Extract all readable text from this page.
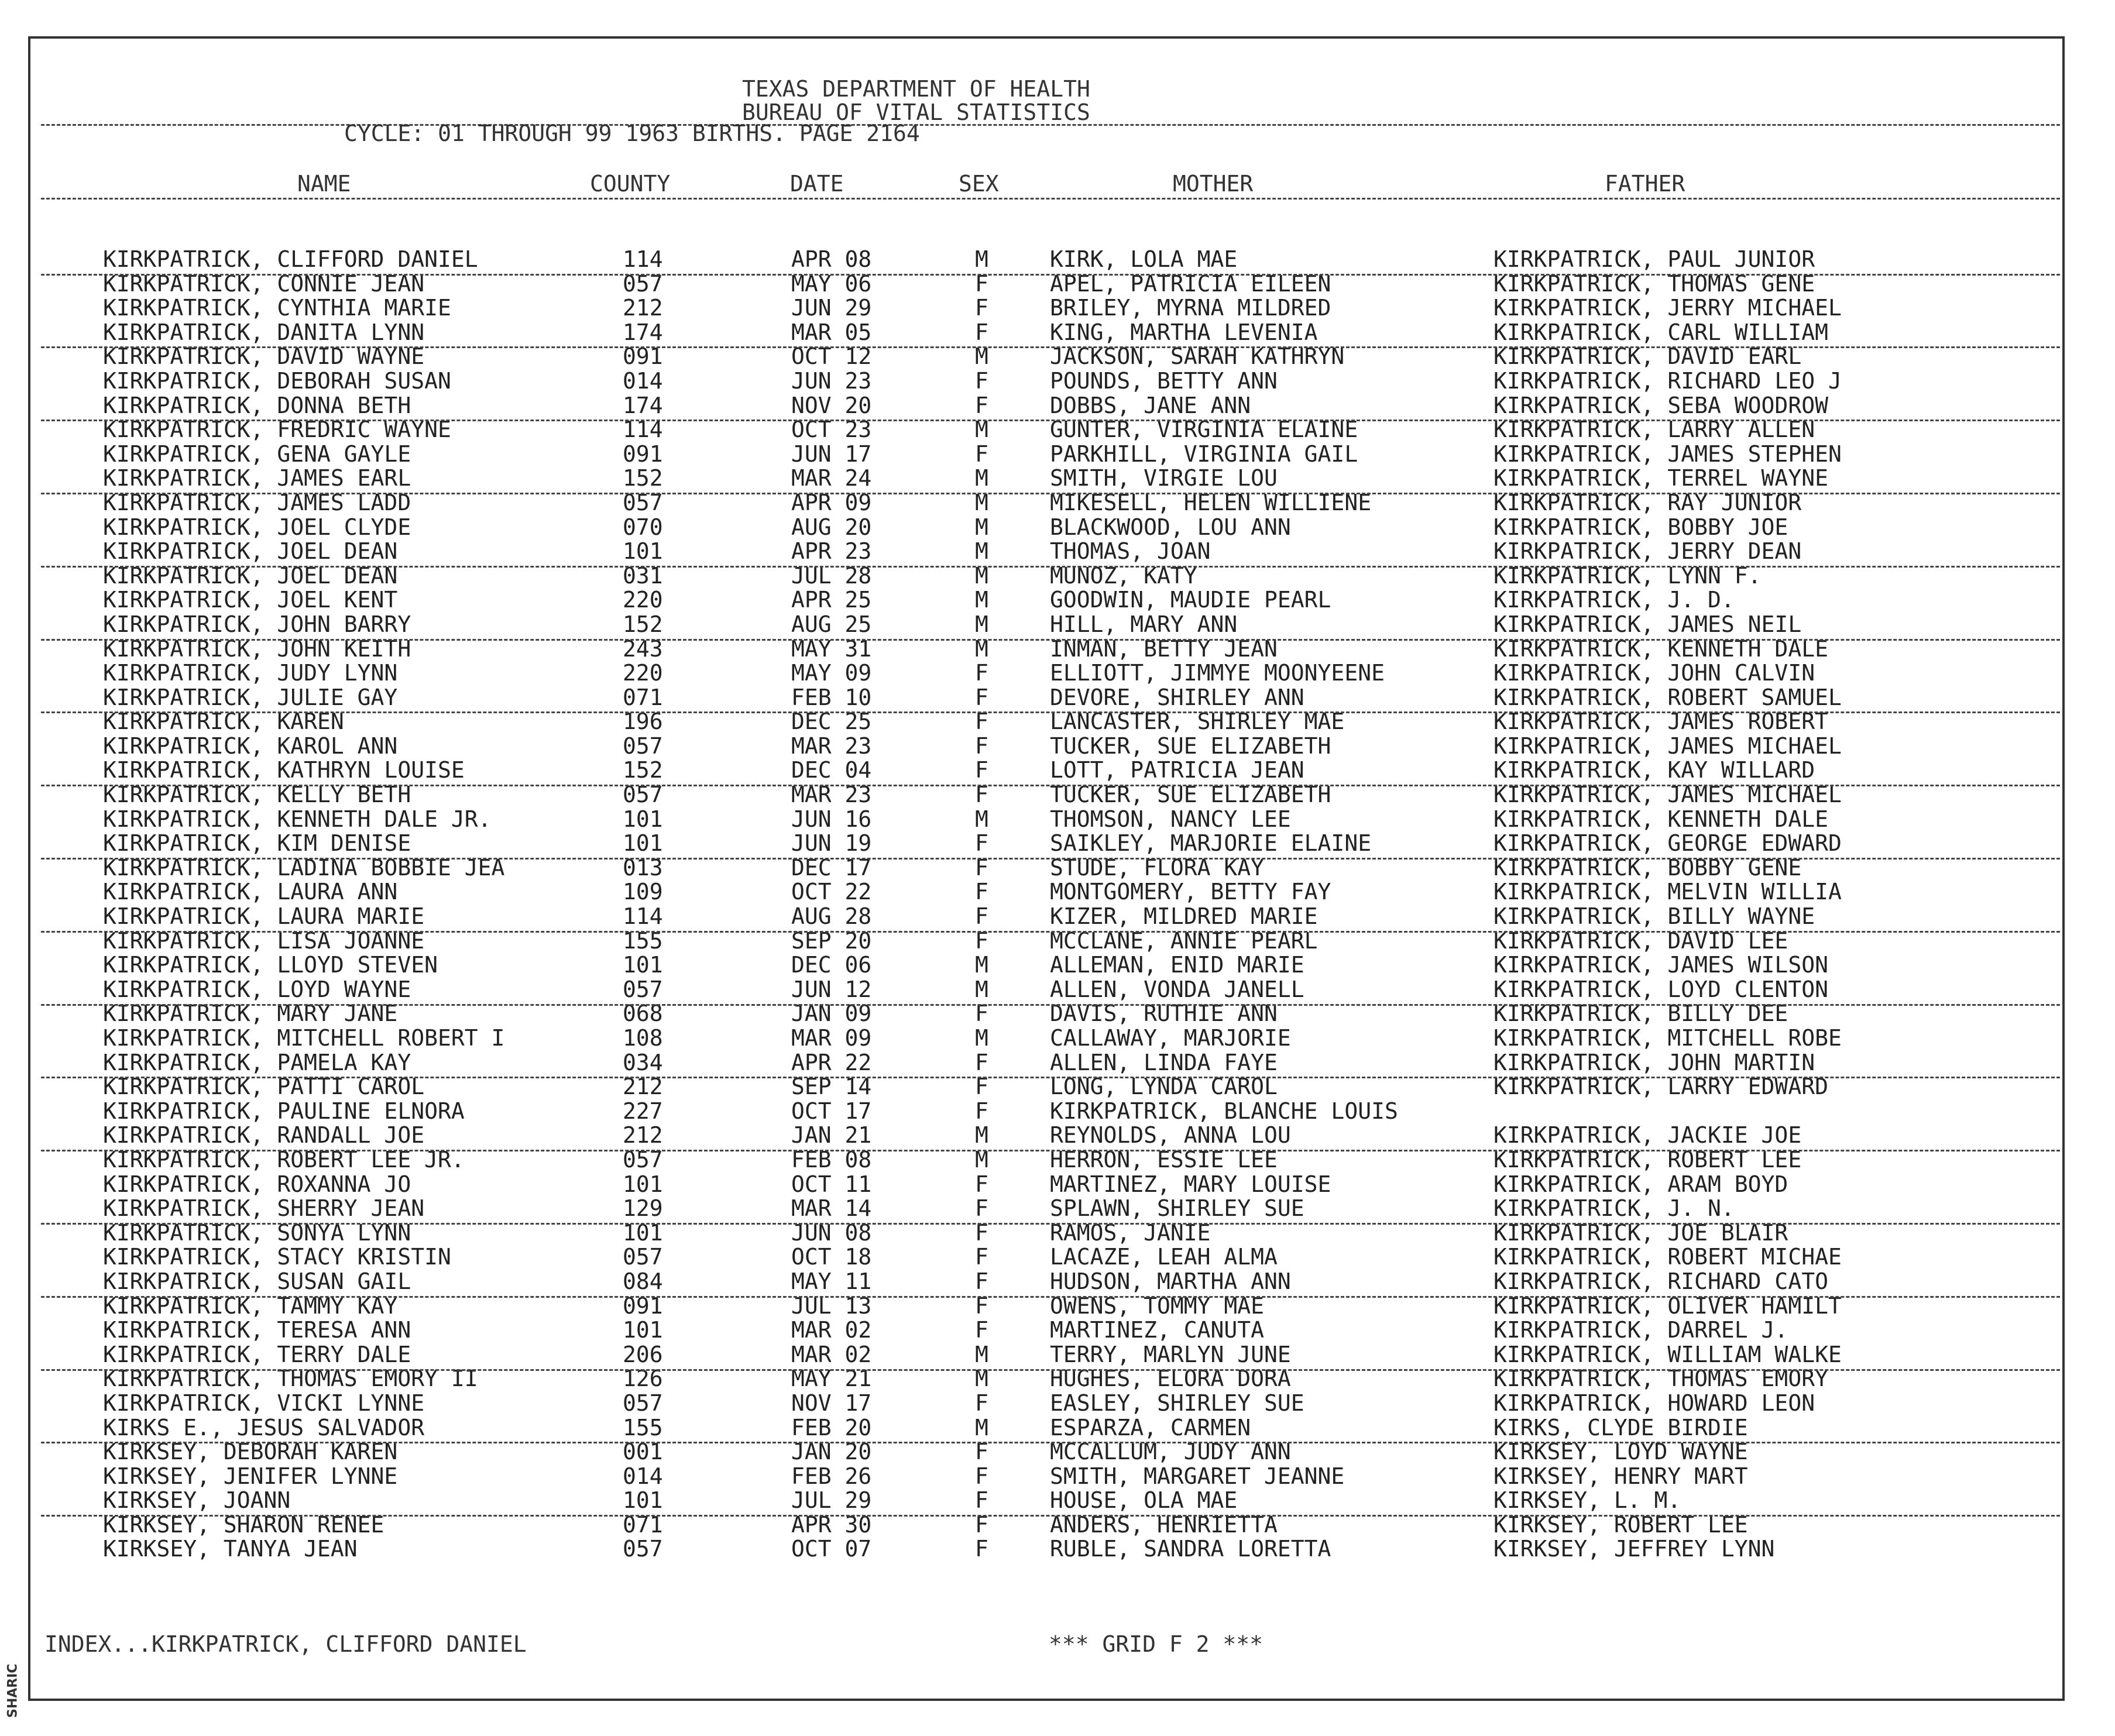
SHARIC
TEXAS DEPARTMENT OF HEALTH
BUREAU OF VITAL STATISTICS
CYCLE: 01 THROUGH 99 1963 BIRTHS. PAGE 2164
NAME	COUNTY	DATE	SEX	MOTHER	FATHER
KIRKPATRICK, CLIFFORD DANIEL	114	APR 08	M	KIRK, LOLA MAE	KIRKPATRICK, PAUL JUNIOR
KIRKPATRICK, CONNIE JEAN	057	MAY 06	F	APEL, PATRICIA EILEEN	KIRKPATRICK, THOMAS GENE
KIRKPATRICK, CYNTHIA MARIE	212	JUN 29	F	BRILEY, MYRNA MILDRED	KIRKPATRICK, JERRY MICHAEL
KIRKPATRICK, DANITA LYNN	174	MAR 05	F	KING, MARTHA LEVENIA	KIRKPATRICK, CARL WILLIAM
KIRKPATRICK, DAVID WAYNE	091	OCT 12	M	JACKSON, SARAH KATHRYN	KIRKPATRICK, DAVID EARL
KIRKPATRICK, DEBORAH SUSAN	014	JUN 23	F	POUNDS, BETTY ANN	KIRKPATRICK, RICHARD LEO J
KIRKPATRICK, DONNA BETH	174	NOV 20	F	DOBBS, JANE ANN	KIRKPATRICK, SEBA WOODROW
KIRKPATRICK, FREDRIC WAYNE	114	OCT 23	M	GUNTER, VIRGINIA ELAINE	KIRKPATRICK, LARRY ALLEN
KIRKPATRICK, GENA GAYLE	091	JUN 17	F	PARKHILL, VIRGINIA GAIL	KIRKPATRICK, JAMES STEPHEN
KIRKPATRICK, JAMES EARL	152	MAR 24	M	SMITH, VIRGIE LOU	KIRKPATRICK, TERREL WAYNE
KIRKPATRICK, JAMES LADD	057	APR 09	M	MIKESELL, HELEN WILLIENE	KIRKPATRICK, RAY JUNIOR
KIRKPATRICK, JOEL CLYDE	070	AUG 20	M	BLACKWOOD, LOU ANN	KIRKPATRICK, BOBBY JOE
KIRKPATRICK, JOEL DEAN	101	APR 23	M	THOMAS, JOAN	KIRKPATRICK, JERRY DEAN
KIRKPATRICK, JOEL DEAN	031	JUL 28	M	MUNOZ, KATY	KIRKPATRICK, LYNN F.
KIRKPATRICK, JOEL KENT	220	APR 25	M	GOODWIN, MAUDIE PEARL	KIRKPATRICK, J. D.
KIRKPATRICK, JOHN BARRY	152	AUG 25	M	HILL, MARY ANN	KIRKPATRICK, JAMES NEIL
KIRKPATRICK, JOHN KEITH	243	MAY 31	M	INMAN, BETTY JEAN	KIRKPATRICK, KENNETH DALE
KIRKPATRICK, JUDY LYNN	220	MAY 09	F	ELLIOTT, JIMMYE MOONYEENE	KIRKPATRICK, JOHN CALVIN
KIRKPATRICK, JULIE GAY	071	FEB 10	F	DEVORE, SHIRLEY ANN	KIRKPATRICK, ROBERT SAMUEL
KIRKPATRICK, KAREN	196	DEC 25	F	LANCASTER, SHIRLEY MAE	KIRKPATRICK, JAMES ROBERT
KIRKPATRICK, KAROL ANN	057	MAR 23	F	TUCKER, SUE ELIZABETH	KIRKPATRICK, JAMES MICHAEL
KIRKPATRICK, KATHRYN LOUISE	152	DEC 04	F	LOTT, PATRICIA JEAN	KIRKPATRICK, KAY WILLARD
KIRKPATRICK, KELLY BETH	057	MAR 23	F	TUCKER, SUE ELIZABETH	KIRKPATRICK, JAMES MICHAEL
KIRKPATRICK, KENNETH DALE JR.	101	JUN 16	M	THOMSON, NANCY LEE	KIRKPATRICK, KENNETH DALE
KIRKPATRICK, KIM DENISE	101	JUN 19	F	SAIKLEY, MARJORIE ELAINE	KIRKPATRICK, GEORGE EDWARD
KIRKPATRICK, LADINA BOBBIE JEA	013	DEC 17	F	STUDE, FLORA KAY	KIRKPATRICK, BOBBY GENE
KIRKPATRICK, LAURA ANN	109	OCT 22	F	MONTGOMERY, BETTY FAY	KIRKPATRICK, MELVIN WILLIA
KIRKPATRICK, LAURA MARIE	114	AUG 28	F	KIZER, MILDRED MARIE	KIRKPATRICK, BILLY WAYNE
KIRKPATRICK, LISA JOANNE	155	SEP 20	F	MCCLANE, ANNIE PEARL	KIRKPATRICK, DAVID LEE
KIRKPATRICK, LLOYD STEVEN	101	DEC 06	M	ALLEMAN, ENID MARIE	KIRKPATRICK, JAMES WILSON
KIRKPATRICK, LOYD WAYNE	057	JUN 12	M	ALLEN, VONDA JANELL	KIRKPATRICK, LOYD CLENTON
KIRKPATRICK, MARY JANE	068	JAN 09	F	DAVIS, RUTHIE ANN	KIRKPATRICK, BILLY DEE
KIRKPATRICK, MITCHELL ROBERT I	108	MAR 09	M	CALLAWAY, MARJORIE	KIRKPATRICK, MITCHELL ROBE
KIRKPATRICK, PAMELA KAY	034	APR 22	F	ALLEN, LINDA FAYE	KIRKPATRICK, JOHN MARTIN
KIRKPATRICK, PATTI CAROL	212	SEP 14	F	LONG, LYNDA CAROL	KIRKPATRICK, LARRY EDWARD
KIRKPATRICK, PAULINE ELNORA	227	OCT 17	F	KIRKPATRICK, BLANCHE LOUIS
KIRKPATRICK, RANDALL JOE	212	JAN 21	M	REYNOLDS, ANNA LOU	KIRKPATRICK, JACKIE JOE
KIRKPATRICK, ROBERT LEE JR.	057	FEB 08	M	HERRON, ESSIE LEE	KIRKPATRICK, ROBERT LEE
KIRKPATRICK, ROXANNA JO	101	OCT 11	F	MARTINEZ, MARY LOUISE	KIRKPATRICK, ARAM BOYD
KIRKPATRICK, SHERRY JEAN	129	MAR 14	F	SPLAWN, SHIRLEY SUE	KIRKPATRICK, J. N.
KIRKPATRICK, SONYA LYNN	101	JUN 08	F	RAMOS, JANIE	KIRKPATRICK, JOE BLAIR
KIRKPATRICK, STACY KRISTIN	057	OCT 18	F	LACAZE, LEAH ALMA	KIRKPATRICK, ROBERT MICHAE
KIRKPATRICK, SUSAN GAIL	084	MAY 11	F	HUDSON, MARTHA ANN	KIRKPATRICK, RICHARD CATO
KIRKPATRICK, TAMMY KAY	091	JUL 13	F	OWENS, TOMMY MAE	KIRKPATRICK, OLIVER HAMILT
KIRKPATRICK, TERESA ANN	101	MAR 02	F	MARTINEZ, CANUTA	KIRKPATRICK, DARREL J.
KIRKPATRICK, TERRY DALE	206	MAR 02	M	TERRY, MARLYN JUNE	KIRKPATRICK, WILLIAM WALKE
KIRKPATRICK, THOMAS EMORY II	126	MAY 21	M	HUGHES, ELORA DORA	KIRKPATRICK, THOMAS EMORY
KIRKPATRICK, VICKI LYNNE	057	NOV 17	F	EASLEY, SHIRLEY SUE	KIRKPATRICK, HOWARD LEON
KIRKS E., JESUS SALVADOR	155	FEB 20	M	ESPARZA, CARMEN	KIRKS, CLYDE BIRDIE
KIRKSEY, DEBORAH KAREN	001	JAN 20	F	MCCALLUM, JUDY ANN	KIRKSEY, LOYD WAYNE
KIRKSEY, JENIFER LYNNE	014	FEB 26	F	SMITH, MARGARET JEANNE	KIRKSEY, HENRY MART
KIRKSEY, JOANN	101	JUL 29	F	HOUSE, OLA MAE	KIRKSEY, L. M.
KIRKSEY, SHARON RENEE	071	APR 30	F	ANDERS, HENRIETTA	KIRKSEY, ROBERT LEE
KIRKSEY, TANYA JEAN	057	OCT 07	F	RUBLE, SANDRA LORETTA	KIRKSEY, JEFFREY LYNN
INDEX...KIRKPATRICK, CLIFFORD DANIEL	*** GRID F 2 ***
